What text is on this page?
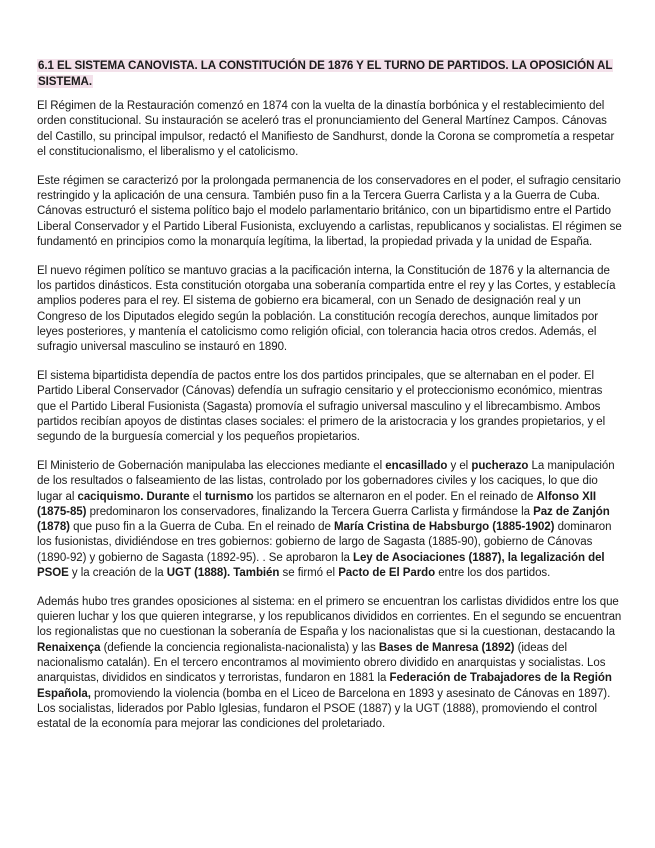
6.1 EL SISTEMA CANOVISTA. LA CONSTITUCIÓN DE 1876 Y EL TURNO DE PARTIDOS. LA OPOSICIÓN AL SISTEMA.

El Régimen de la Restauración comenzó en 1874 con la vuelta de la dinastía borbónica y el restablecimiento del orden constitucional. Su instauración se aceleró tras el pronunciamiento del General Martínez Campos. Cánovas del Castillo, su principal impulsor, redactó el Manifiesto de Sandhurst, donde la Corona se comprometía a respetar el constitucionalismo, el liberalismo y el catolicismo.

Este régimen se caracterizó por la prolongada permanencia de los conservadores en el poder, el sufragio censitario restringido y la aplicación de una censura. También puso fin a la Tercera Guerra Carlista y a la Guerra de Cuba. Cánovas estructuró el sistema político bajo el modelo parlamentario británico, con un bipartidismo entre el Partido Liberal Conservador y el Partido Liberal Fusionista, excluyendo a carlistas, republicanos y socialistas. El régimen se fundamentó en principios como la monarquía legítima, la libertad, la propiedad privada y la unidad de España.

El nuevo régimen político se mantuvo gracias a la pacificación interna, la Constitución de 1876 y la alternancia de los partidos dinásticos. Esta constitución otorgaba una soberanía compartida entre el rey y las Cortes, y establecía amplios poderes para el rey. El sistema de gobierno era bicameral, con un Senado de designación real y un Congreso de los Diputados elegido según la población. La constitución recogía derechos, aunque limitados por leyes posteriores, y mantenía el catolicismo como religión oficial, con tolerancia hacia otros credos. Además, el sufragio universal masculino se instauró en 1890.

El sistema bipartidista dependía de pactos entre los dos partidos principales, que se alternaban en el poder. El Partido Liberal Conservador (Cánovas) defendía un sufragio censitario y el proteccionismo económico, mientras que el Partido Liberal Fusionista (Sagasta) promovía el sufragio universal masculino y el librecambismo. Ambos partidos recibían apoyos de distintas clases sociales: el primero de la aristocracia y los grandes propietarios, y el segundo de la burguesía comercial y los pequeños propietarios.

El Ministerio de Gobernación manipulaba las elecciones mediante el encasillado y el pucherazo La manipulación de los resultados o falseamiento de las listas, controlado por los gobernadores civiles y los caciques, lo que dio lugar al caciquismo. Durante el turnismo los partidos se alternaron en el poder. En el reinado de Alfonso XII (1875-85) predominaron los conservadores, finalizando la Tercera Guerra Carlista y firmándose la Paz de Zanjón (1878) que puso fin a la Guerra de Cuba. En el reinado de María Cristina de Habsburgo (1885-1902) dominaron los fusionistas, dividiéndose en tres gobiernos: gobierno de largo de Sagasta (1885-90), gobierno de Cánovas (1890-92) y gobierno de Sagasta (1892-95). . Se aprobaron la Ley de Asociaciones (1887), la legalización del PSOE y la creación de la UGT (1888). También se firmó el Pacto de El Pardo entre los dos partidos.

Además hubo tres grandes oposiciones al sistema: en el primero se encuentran los carlistas divididos entre los que quieren luchar y los que quieren integrarse, y los republicanos divididos en corrientes. En el segundo se encuentran los regionalistas que no cuestionan la soberanía de España y los nacionalistas que si la cuestionan, destacando la Renaixença (defiende la conciencia regionalista-nacionalista) y las Bases de Manresa (1892) (ideas del nacionalismo catalán). En el tercero encontramos al movimiento obrero dividido en anarquistas y socialistas. Los anarquistas, divididos en sindicatos y terroristas, fundaron en 1881 la Federación de Trabajadores de la Región Española, promoviendo la violencia (bomba en el Liceo de Barcelona en 1893 y asesinato de Cánovas en 1897). Los socialistas, liderados por Pablo Iglesias, fundaron el PSOE (1887) y la UGT (1888), promoviendo el control estatal de la economía para mejorar las condiciones del proletariado.
